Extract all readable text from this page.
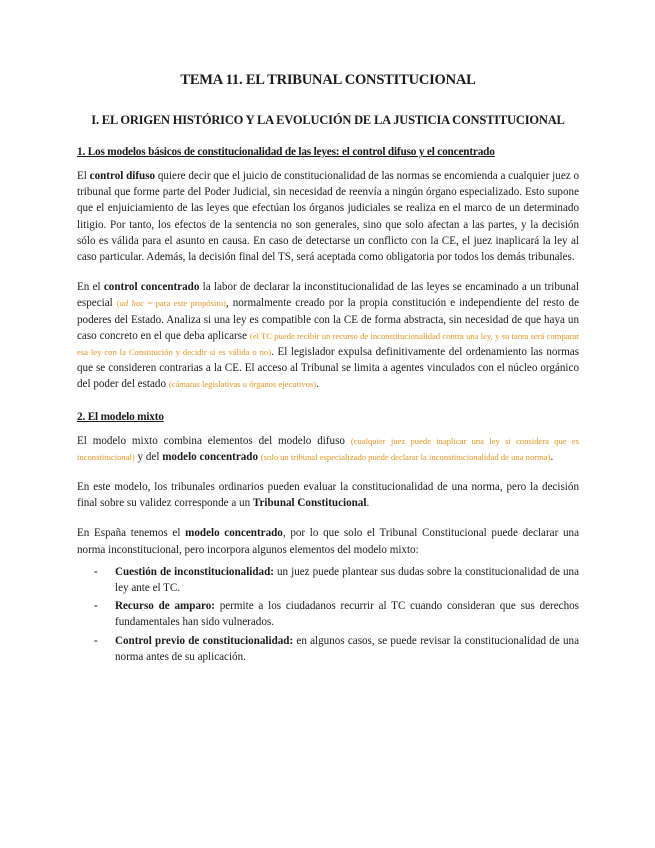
TEMA 11. EL TRIBUNAL CONSTITUCIONAL
I. EL ORIGEN HISTÓRICO Y LA EVOLUCIÓN DE LA JUSTICIA CONSTITUCIONAL
1. Los modelos básicos de constitucionalidad de las leyes: el control difuso y el concentrado

El control difuso quiere decir que el juicio de constitucionalidad de las normas se encomienda a cualquier juez o tribunal que forme parte del Poder Judicial, sin necesidad de reenvía a ningún órgano especializado. Esto supone que el enjuiciamiento de las leyes que efectúan los órganos judiciales se realiza en el marco de un determinado litigio. Por tanto, los efectos de la sentencia no son generales, sino que solo afectan a las partes, y la decisión sólo es válida para el asunto en causa. En caso de detectarse un conflicto con la CE, el juez inaplicará la ley al caso particular. Además, la decisión final del TS, será aceptada como obligatoria por todos los demás tribunales.

En el control concentrado la labor de declarar la inconstitucionalidad de las leyes se encaminado a un tribunal especial (ad hoc = para este propósito), normalmente creado por la propia constitución e independiente del resto de poderes del Estado. Analiza si una ley es compatible con la CE de forma abstracta, sin necesidad de que haya un caso concreto en el que deba aplicarse (el TC puede recibir un recurso de inconstitucionalidad contra una ley, y su tarea será comparar esa ley con la Constitución y decidir si es válida o no). El legislador expulsa definitivamente del ordenamiento las normas que se consideren contrarias a la CE. El acceso al Tribunal se limita a agentes vinculados con el núcleo orgánico del poder del estado (cámaras legislativas u órganos ejecutivos).

2. El modelo mixto

El modelo mixto combina elementos del modelo difuso (cualquier juez puede inaplicar una ley si considera que es inconstitucional) y del modelo concentrado (solo un tribunal especializado puede declarar la inconstitucionalidad de una norma).

En este modelo, los tribunales ordinarios pueden evaluar la constitucionalidad de una norma, pero la decisión final sobre su validez corresponde a un Tribunal Constitucional.

En España tenemos el modelo concentrado, por lo que solo el Tribunal Constitucional puede declarar una norma inconstitucional, pero incorpora algunos elementos del modelo mixto:

- Cuestión de inconstitucionalidad: un juez puede plantear sus dudas sobre la constitucionalidad de una ley ante el TC.
- Recurso de amparo: permite a los ciudadanos recurrir al TC cuando consideran que sus derechos fundamentales han sido vulnerados.
- Control previo de constitucionalidad: en algunos casos, se puede revisar la constitucionalidad de una norma antes de su aplicación.
